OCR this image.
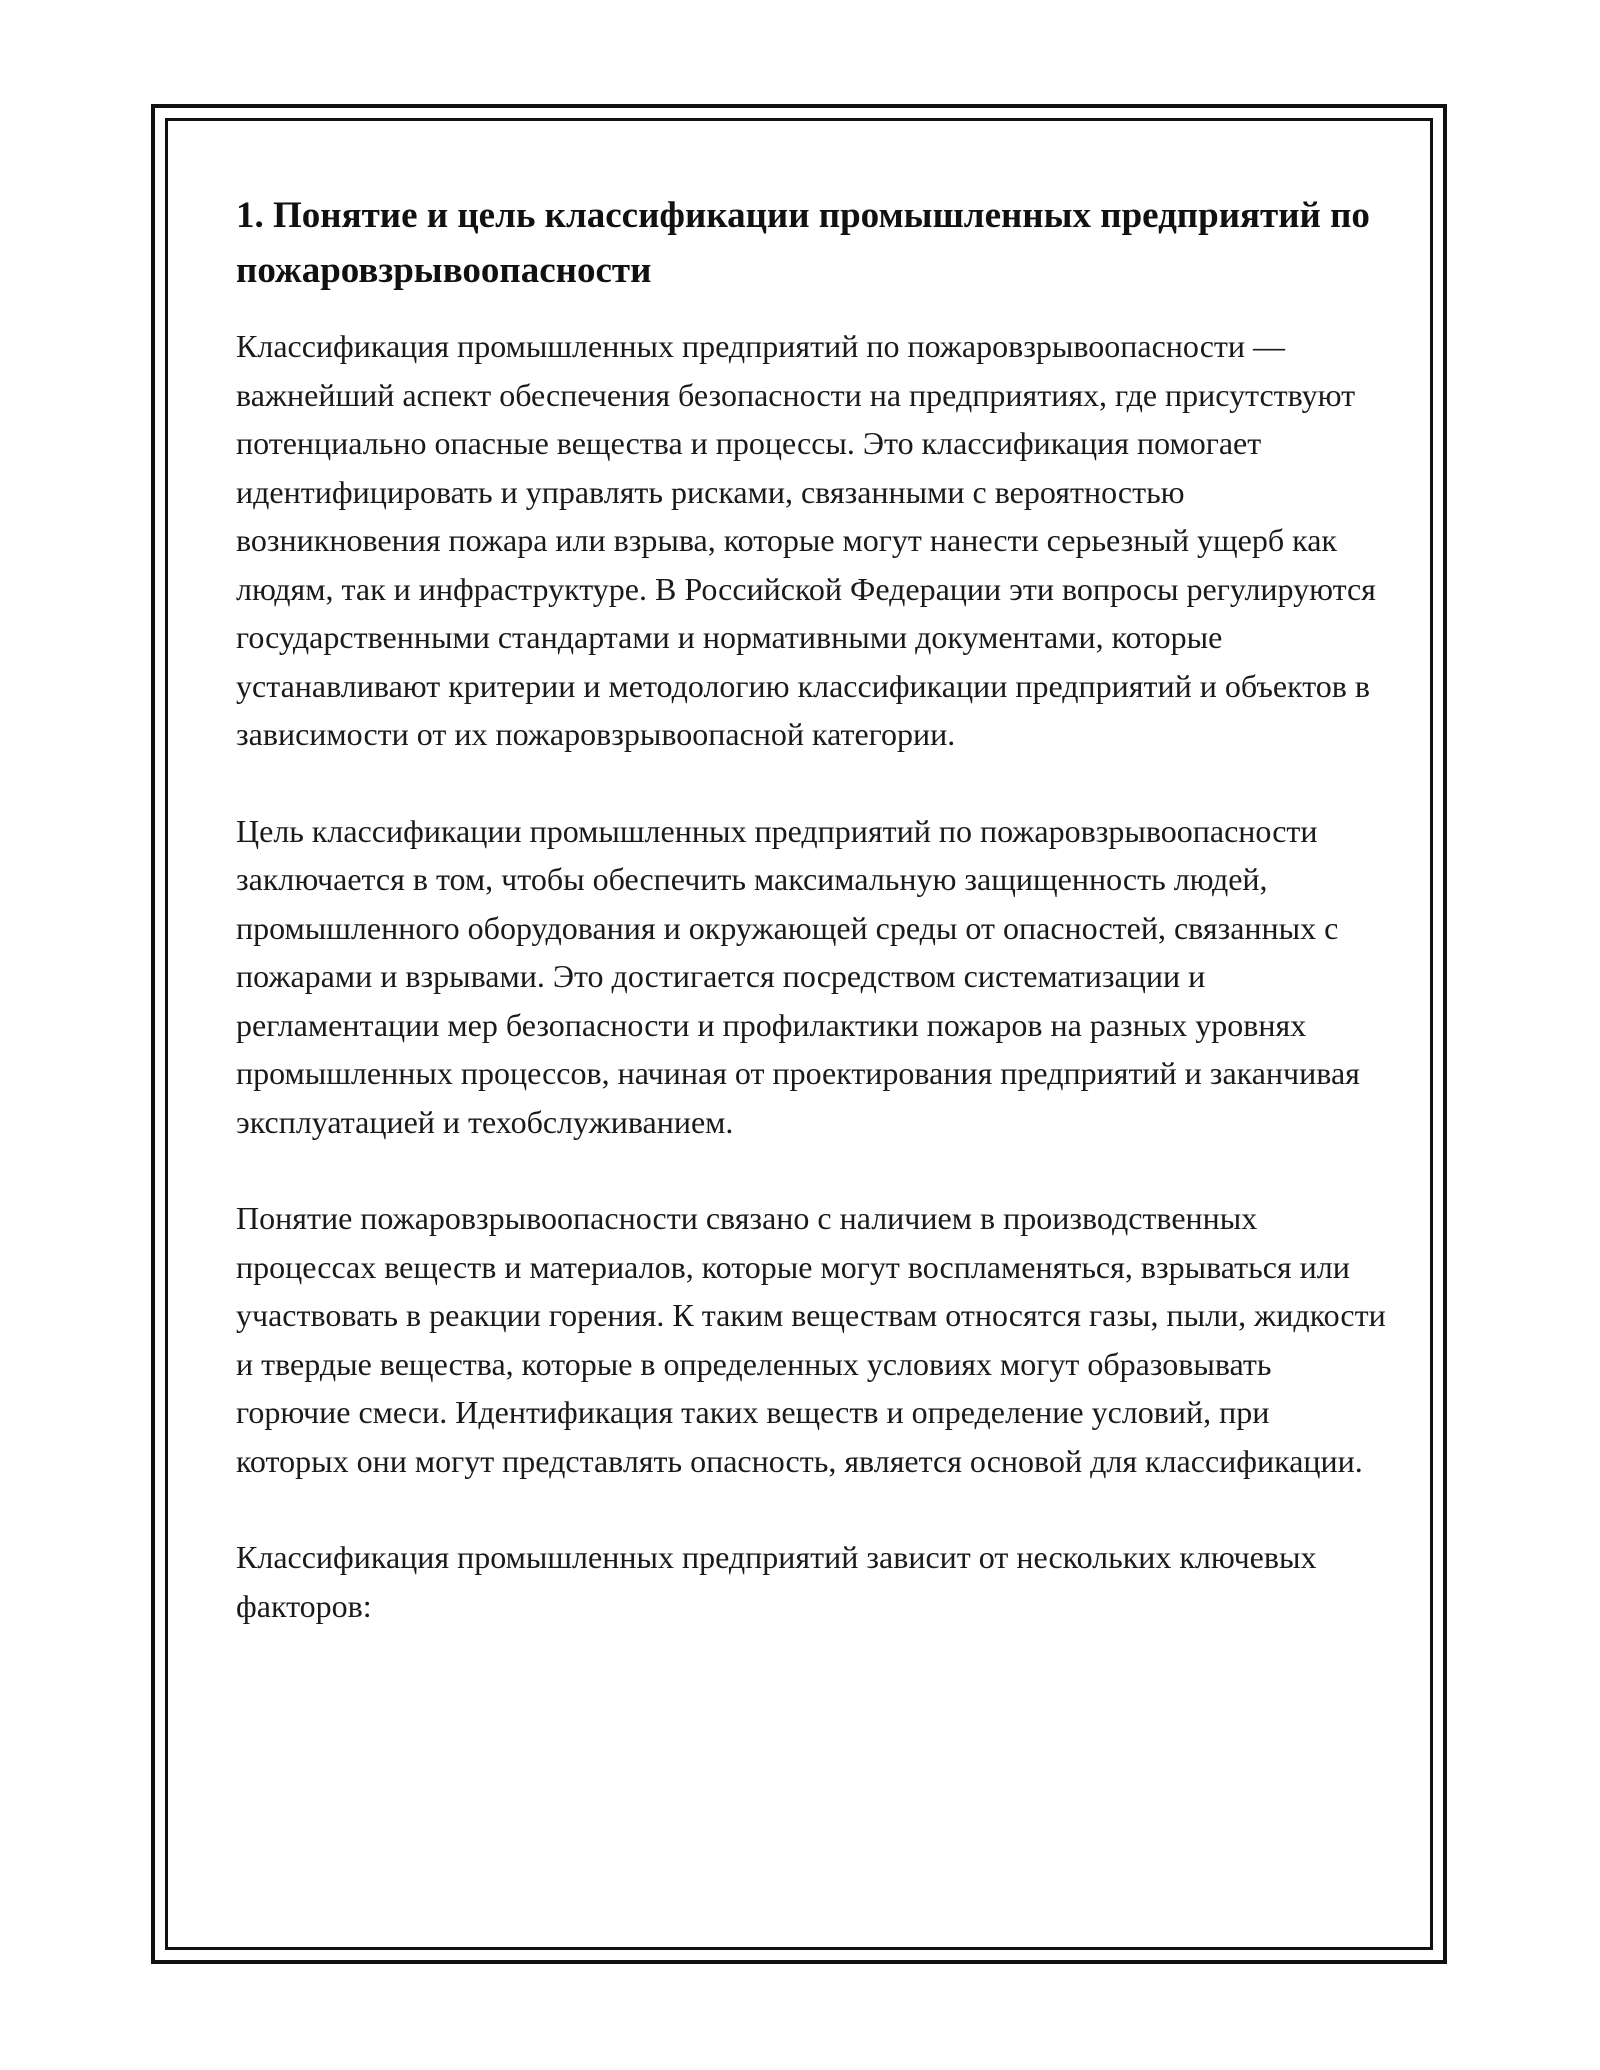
1. Понятие и цель классификации промышленных предприятий по пожаровзрывоопасности

Классификация промышленных предприятий по пожаровзрывоопасности — важнейший аспект обеспечения безопасности на предприятиях, где присутствуют потенциально опасные вещества и процессы. Это классификация помогает идентифицировать и управлять рисками, связанными с вероятностью возникновения пожара или взрыва, которые могут нанести серьезный ущерб как людям, так и инфраструктуре. В Российской Федерации эти вопросы регулируются государственными стандартами и нормативными документами, которые устанавливают критерии и методологию классификации предприятий и объектов в зависимости от их пожаровзрывоопасной категории.

Цель классификации промышленных предприятий по пожаровзрывоопасности заключается в том, чтобы обеспечить максимальную защищенность людей, промышленного оборудования и окружающей среды от опасностей, связанных с пожарами и взрывами. Это достигается посредством систематизации и регламентации мер безопасности и профилактики пожаров на разных уровнях промышленных процессов, начиная от проектирования предприятий и заканчивая эксплуатацией и техобслуживанием.

Понятие пожаровзрывоопасности связано с наличием в производственных процессах веществ и материалов, которые могут воспламеняться, взрываться или участвовать в реакции горения. К таким веществам относятся газы, пыли, жидкости и твердые вещества, которые в определенных условиях могут образовывать горючие смеси. Идентификация таких веществ и определение условий, при которых они могут представлять опасность, является основой для классификации.

Классификация промышленных предприятий зависит от нескольких ключевых факторов:
